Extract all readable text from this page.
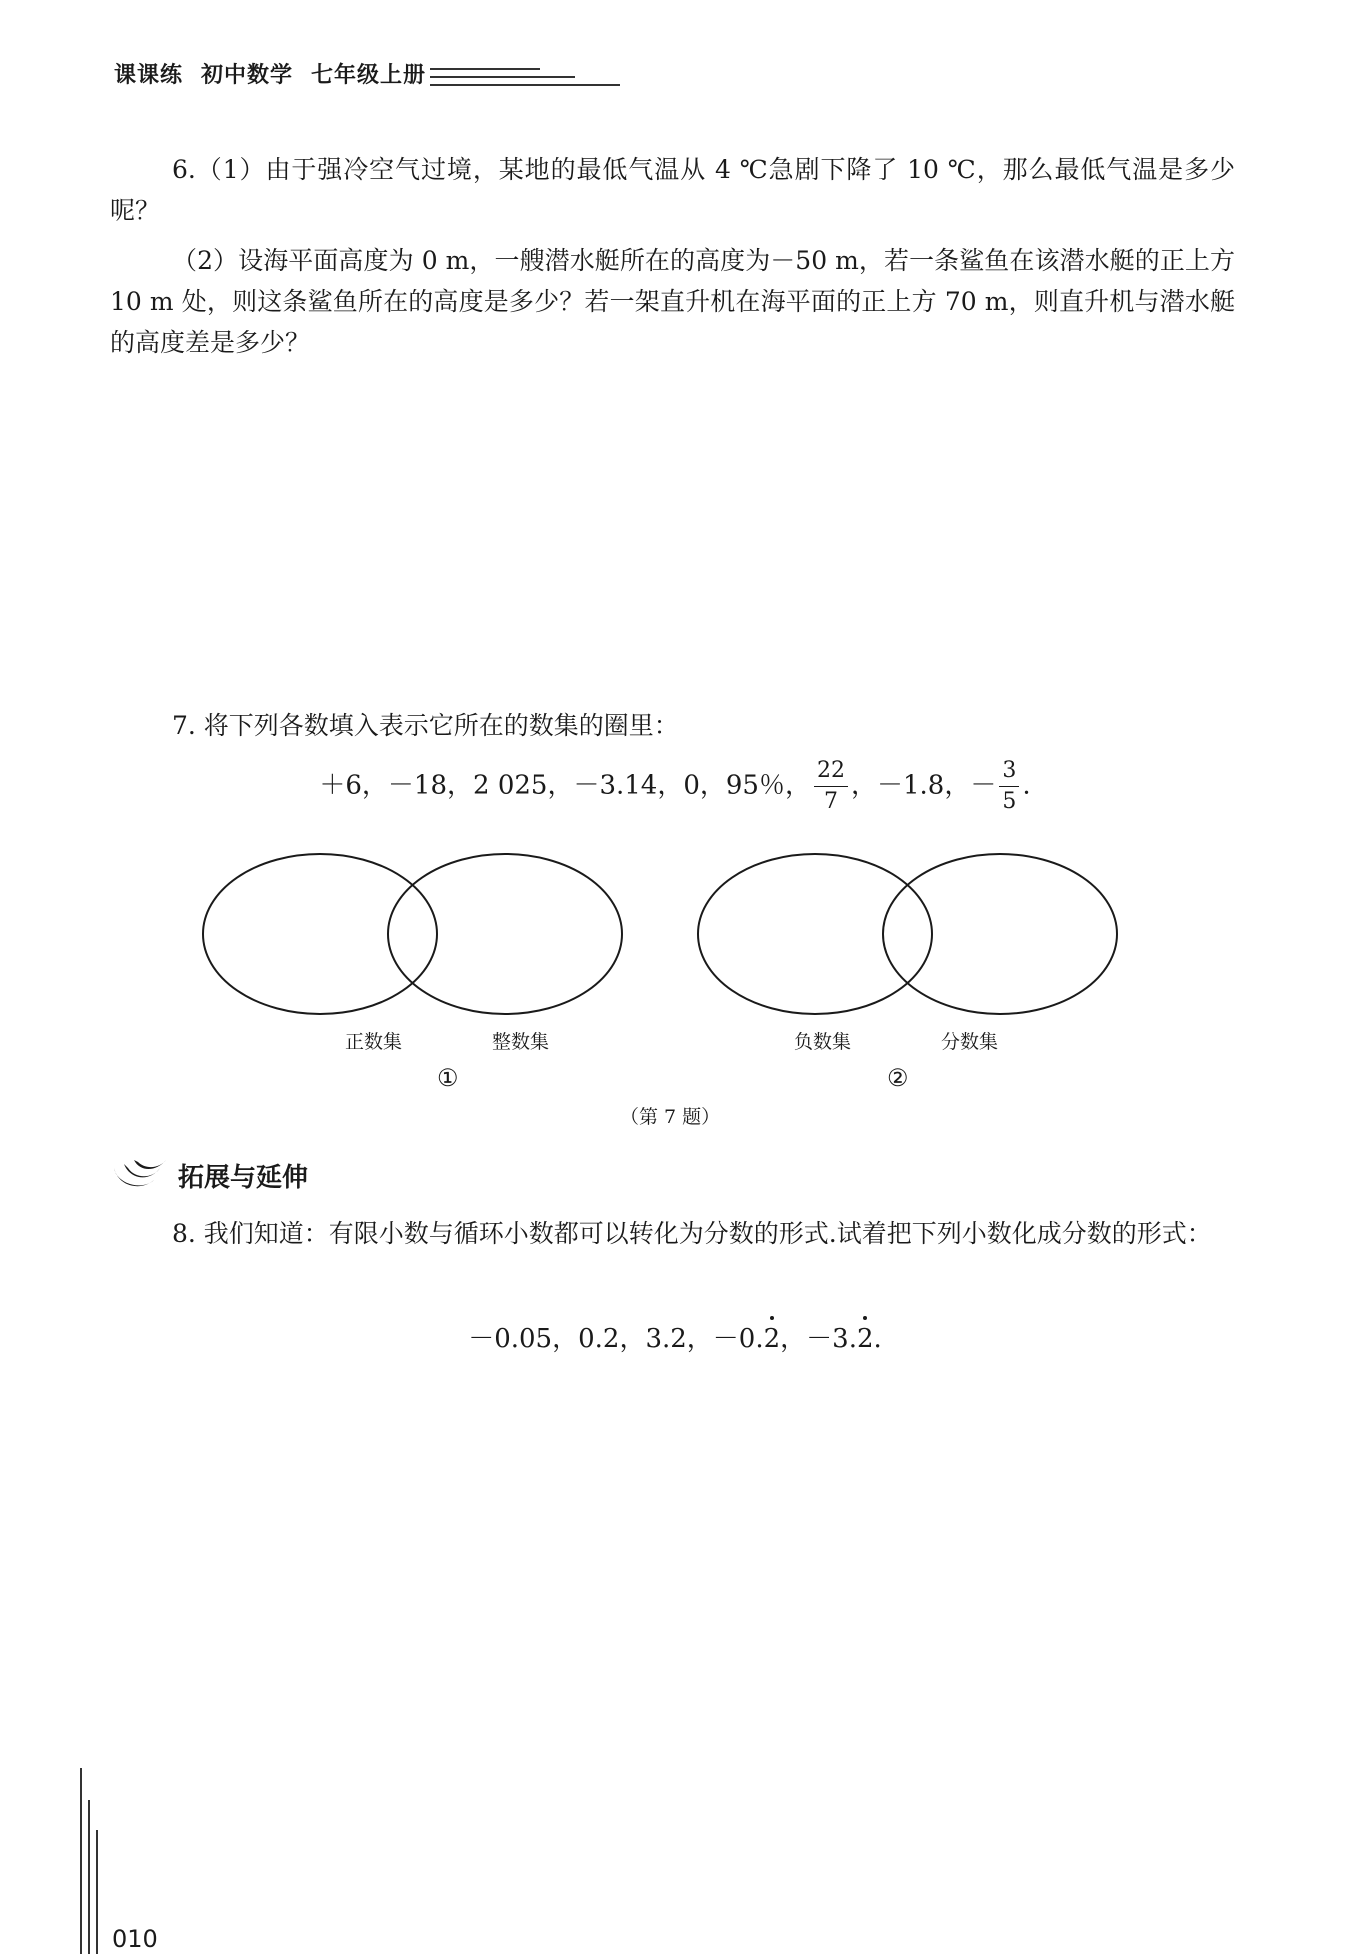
课课练 初中数学 七年级上册
6.（1）由于强冷空气过境，某地的最低气温从 4 ℃急剧下降了 10 ℃，那么最低气温是多少呢？
（2）设海平面高度为 0 m，一艘潜水艇所在的高度为－50 m，若一条鲨鱼在该潜水艇的正上方 10 m 处，则这条鲨鱼所在的高度是多少？若一架直升机在海平面的正上方 70 m，则直升机与潜水艇的高度差是多少？
7. 将下列各数填入表示它所在的数集的圈里：
＋6，－18，2 025，－3.14，0，95％， $\frac{22}{7}$ ，－1.8，－ $\frac{3}{5}$ .
正数集	整数集
①
负数集	分数集
②
（第 7 题）
拓展与延伸
8. 我们知道：有限小数与循环小数都可以转化为分数的形式.试着把下列小数化成分数的形式：
－0.05，0.2，3.2，－0.2，－3.2.
010
